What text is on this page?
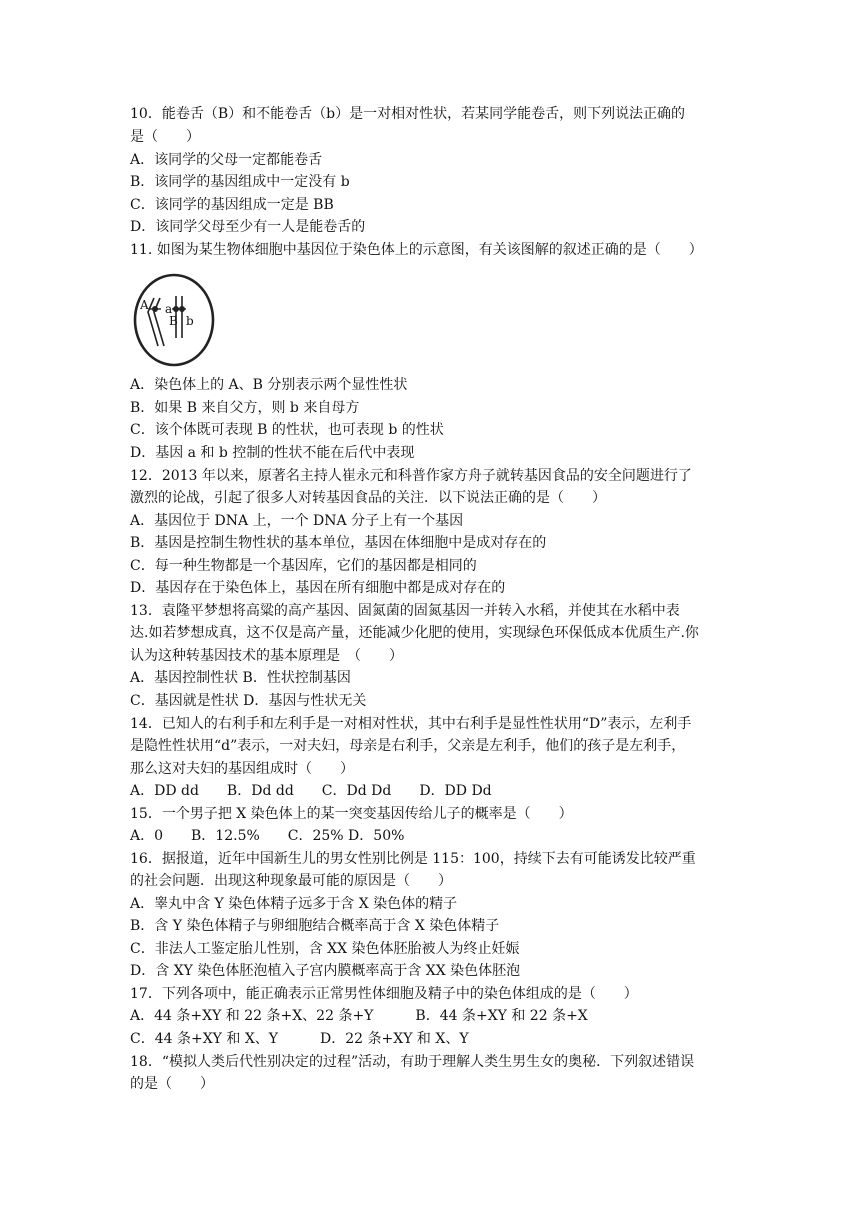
10．能卷舌（B）和不能卷舌（b）是一对相对性状，若某同学能卷舌，则下列说法正确的
是（　　）
A．该同学的父母一定都能卷舌
B．该同学的基因组成中一定没有 b
C．该同学的基因组成一定是 BB
D．该同学父母至少有一人是能卷舌的
11. 如图为某生物体细胞中基因位于染色体上的示意图，有关该图解的叙述正确的是（　　）
A a
B b
A．染色体上的 A、B 分别表示两个显性性状
B．如果 B 来自父方，则 b 来自母方
C．该个体既可表现 B 的性状，也可表现 b 的性状
D．基因 a 和 b 控制的性状不能在后代中表现
12．2013 年以来，原著名主持人崔永元和科普作家方舟子就转基因食品的安全问题进行了
激烈的论战，引起了很多人对转基因食品的关注．以下说法正确的是（　　）
A．基因位于 DNA 上，一个 DNA 分子上有一个基因
B．基因是控制生物性状的基本单位，基因在体细胞中是成对存在的
C．每一种生物都是一个基因库，它们的基因都是相同的
D．基因存在于染色体上，基因在所有细胞中都是成对存在的
13．袁隆平梦想将高粱的高产基因、固氮菌的固氮基因一并转入水稻，并使其在水稻中表
达.如若梦想成真，这不仅是高产量，还能减少化肥的使用，实现绿色环保低成本优质生产.你
认为这种转基因技术的基本原理是　（　　）
A．基因控制性状 B．性状控制基因
C．基因就是性状 D．基因与性状无关
14．已知人的右利手和左利手是一对相对性状，其中右利手是显性性状用“D”表示，左利手
是隐性性状用“d”表示，一对夫妇，母亲是右利手，父亲是左利手，他们的孩子是左利手，
那么这对夫妇的基因组成时（　　）
A．DD dd　　B．Dd dd　　C．Dd Dd　　D．DD Dd
15．一个男子把 X 染色体上的某一突变基因传给儿子的概率是（　　）
A．0　　B．12.5%　　C．25% D．50%
16．据报道，近年中国新生儿的男女性别比例是 115：100，持续下去有可能诱发比较严重
的社会问题．出现这种现象最可能的原因是（　　）
A．睾丸中含 Y 染色体精子远多于含 X 染色体的精子
B．含 Y 染色体精子与卵细胞结合概率高于含 X 染色体精子
C．非法人工鉴定胎儿性别，含 XX 染色体胚胎被人为终止妊娠
D．含 XY 染色体胚泡植入子宫内膜概率高于含 XX 染色体胚泡
17．下列各项中，能正确表示正常男性体细胞及精子中的染色体组成的是（　　）
A．44 条+XY 和 22 条+X、22 条+Y　　　B．44 条+XY 和 22 条+X
C．44 条+XY 和 X、Y　　　D．22 条+XY 和 X、Y
18．“模拟人类后代性别决定的过程”活动，有助于理解人类生男生女的奥秘．下列叙述错误
的是（　　）
